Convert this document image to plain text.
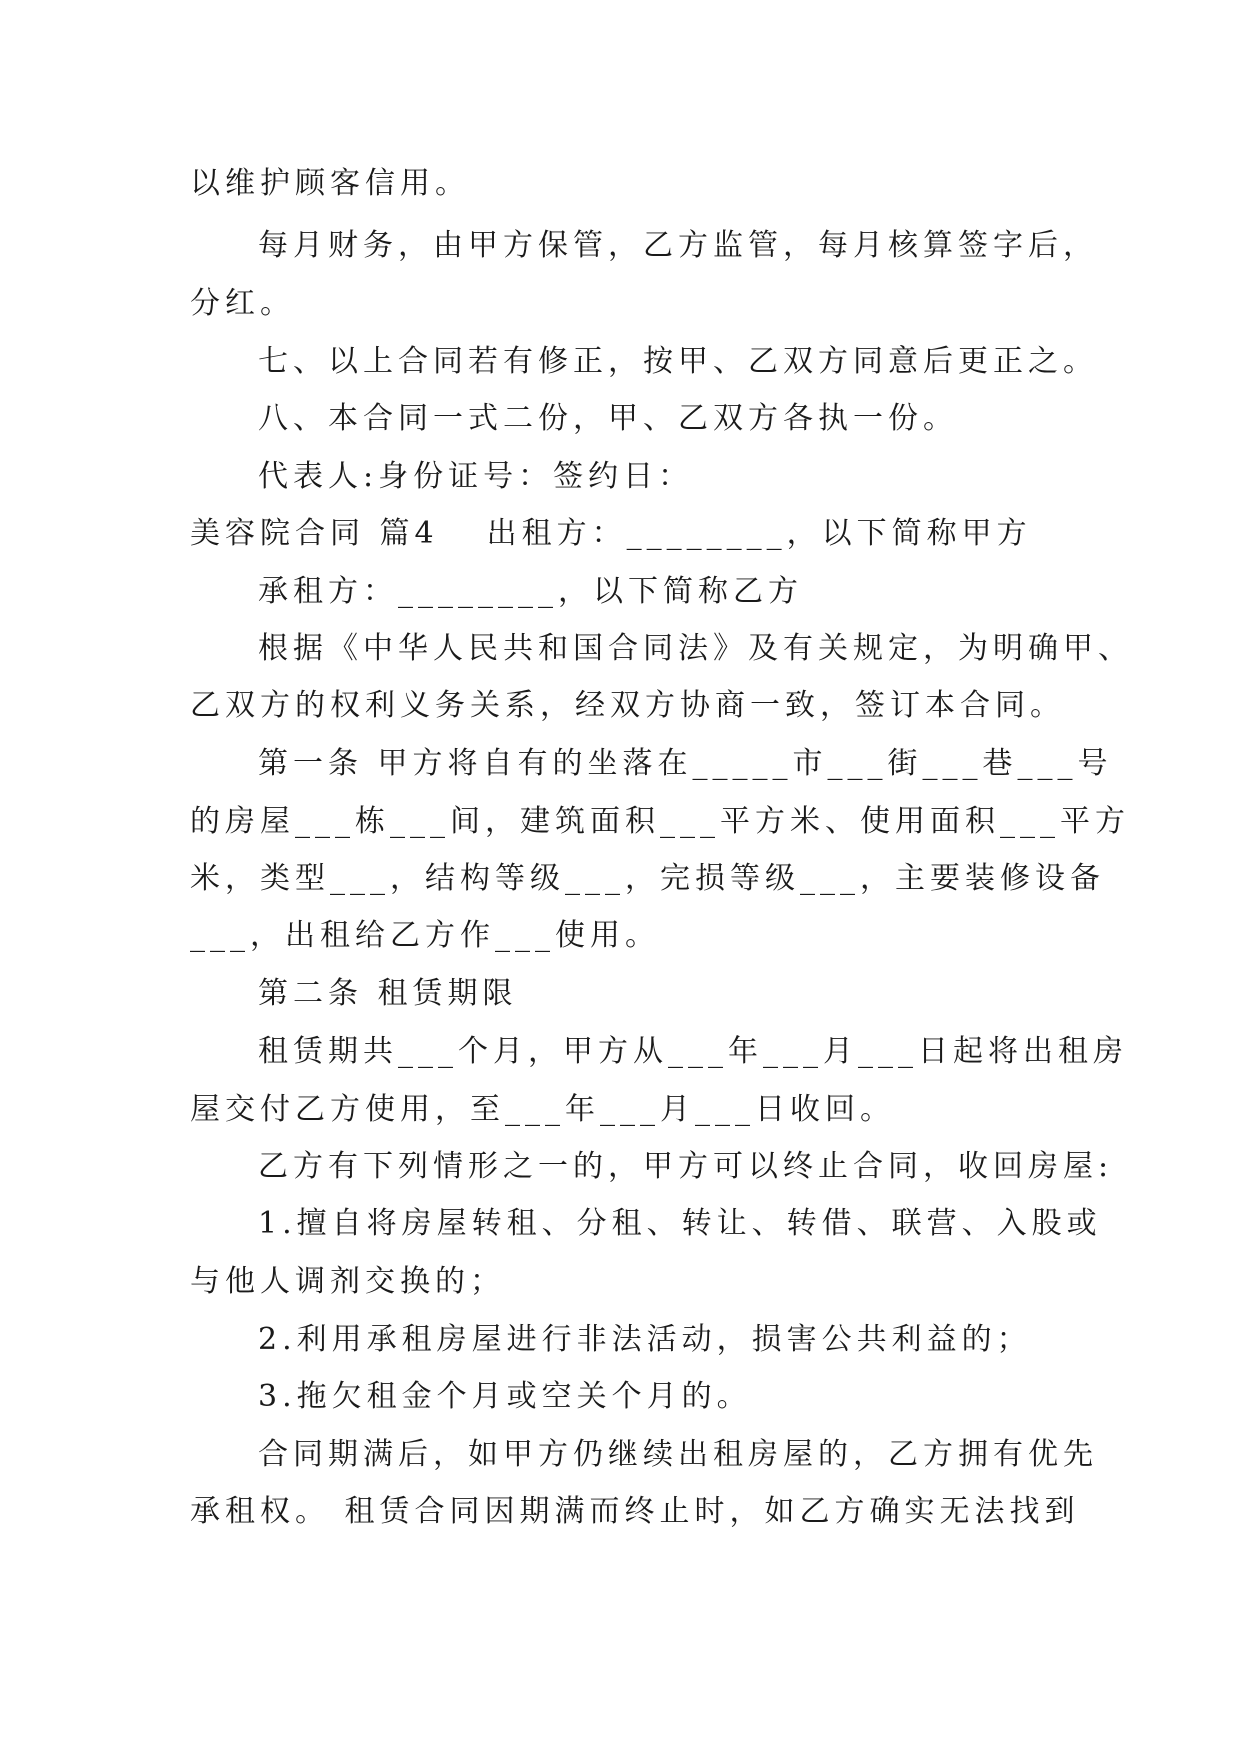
以维护顾客信用。

每月财务，由甲方保管，乙方监管，每月核算签字后，

分红。

七、以上合同若有修正，按甲、乙双方同意后更正之。

八、本合同一式二份，甲、乙双方各执一份。

代表人:身份证号：签约日：

美容院合同 篇4 出租方：________，以下简称甲方

承租方：________，以下简称乙方

根据《中华人民共和国合同法》及有关规定，为明确甲、

乙双方的权利义务关系，经双方协商一致，签订本合同。

第一条 甲方将自有的坐落在_____市___街___巷___号

的房屋___栋___间，建筑面积___平方米、使用面积___平方

米，类型___，结构等级___，完损等级___，主要装修设备

___，出租给乙方作___使用。

第二条 租赁期限

租赁期共___个月，甲方从___年___月___日起将出租房

屋交付乙方使用，至___年___月___日收回。

乙方有下列情形之一的，甲方可以终止合同，收回房屋:

1.擅自将房屋转租、分租、转让、转借、联营、入股或

与他人调剂交换的；

2.利用承租房屋进行非法活动，损害公共利益的；

3.拖欠租金个月或空关个月的。

合同期满后，如甲方仍继续出租房屋的，乙方拥有优先

承租权。 租赁合同因期满而终止时，如乙方确实无法找到
